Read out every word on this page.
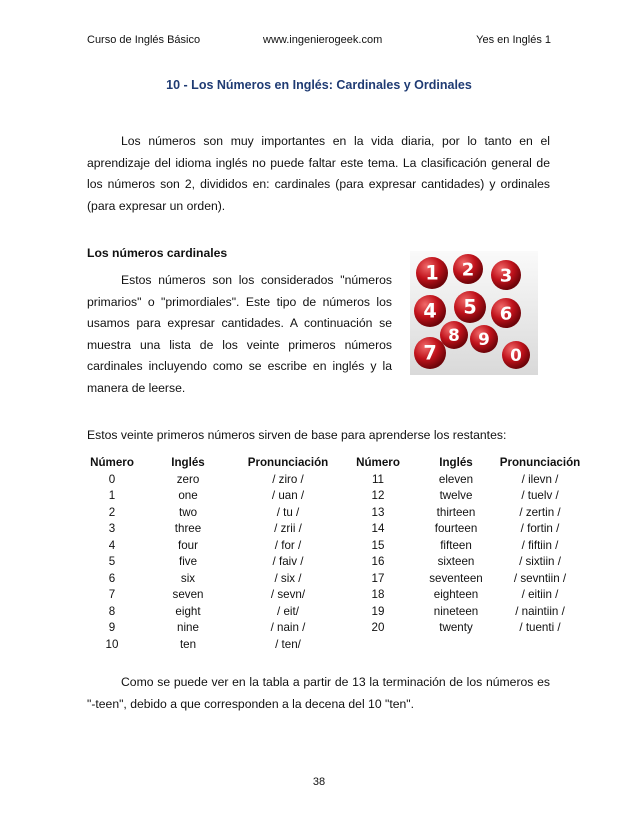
Curso de Inglés Básico	www.ingenierogeek.com	Yes en Inglés 1
10 - Los Números en Inglés: Cardinales y Ordinales

Los números son muy importantes en la vida diaria, por lo tanto en el aprendizaje del idioma inglés no puede faltar este tema. La clasificación general de los números son 2, divididos en: cardinales (para expresar cantidades) y ordinales (para expresar un orden).

Los números cardinales

Estos números son los considerados "números primarios" o "primordiales". Este tipo de números los usamos para expresar cantidades. A continuación se muestra una lista de los veinte primeros números cardinales incluyendo como se escribe en inglés y la manera de leerse.

1 2 3
4 5 6
8 9
7	0

Estos veinte primeros números sirven de base para aprenderse los restantes:

Número	Inglés	Pronunciación	Número	Inglés	Pronunciación
0	zero	/ ziro /	11	eleven	/ ilevn /
1	one	/ uan /	12	twelve	/ tuelv /
2	two	/ tu /	13	thirteen	/ zertin /
3	three	/ zrii /	14	fourteen	/ fortin /
4	four	/ for /	15	fifteen	/ fiftiin /
5	five	/ faiv /	16	sixteen	/ sixtiin /
6	six	/ six /	17	seventeen	/ sevntiin /
7	seven	/ sevn/	18	eighteen	/ eitiin /
8	eight	/ eit/	19	nineteen	/ naintiin /
9	nine	/ nain /	20	twenty	/ tuenti /
10	ten	/ ten/			

Como se puede ver en la tabla a partir de 13 la terminación de los números es "-teen", debido a que corresponden a la decena del 10 "ten".

38
